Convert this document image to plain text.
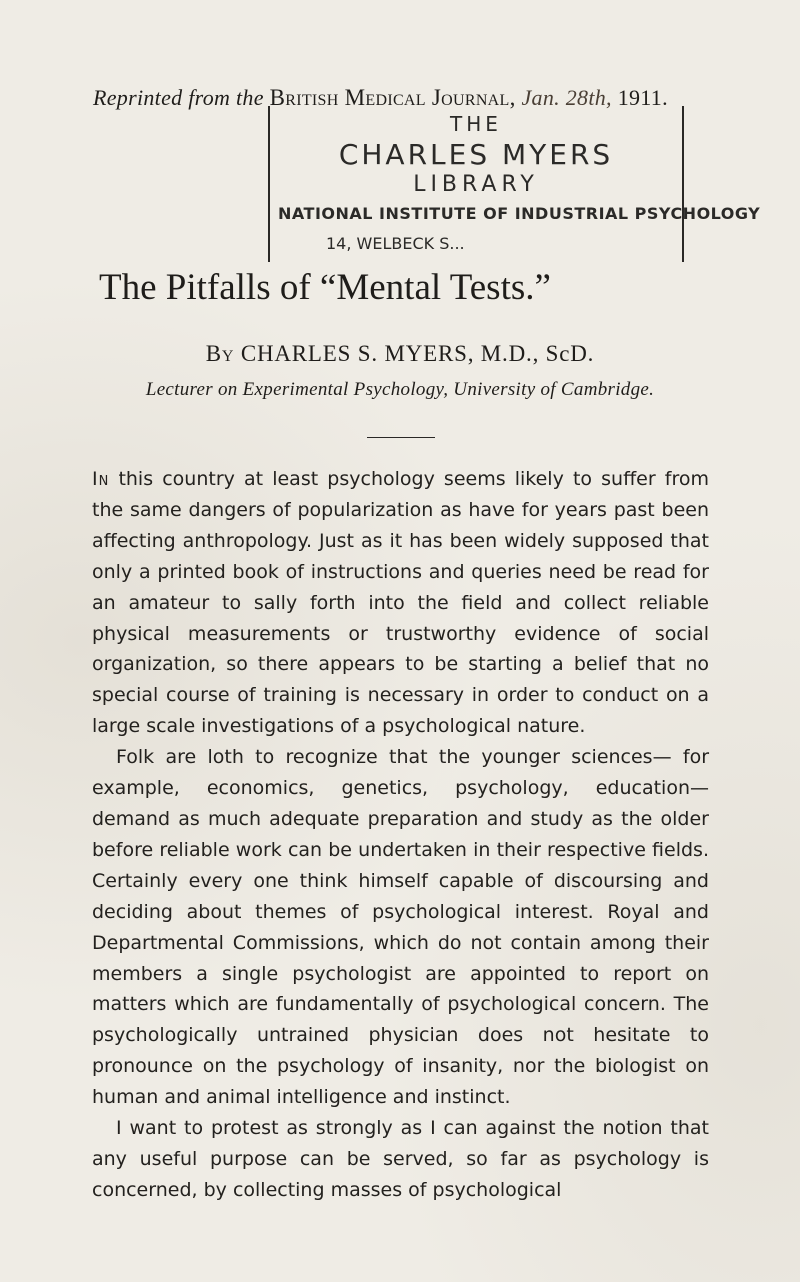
Reprinted from the British Medical Journal, Jan. 28th, 1911.
THE
CHARLES MYERS
LIBRARY
NATIONAL INSTITUTE OF INDUSTRIAL PSYCHOLOGY
14, WELBECK S...
The Pitfalls of “Mental Tests.”
By CHARLES S. MYERS, M.D., ScD.
Lecturer on Experimental Psychology, University of Cambridge.

In this country at least psychology seems likely to suffer from the same dangers of popularization as have for years past been affecting anthropology. Just as it has been widely supposed that only a printed book of instructions and queries need be read for an amateur to sally forth into the field and collect reliable physical measurements or trustworthy evidence of social organization, so there appears to be starting a belief that no special course of training is necessary in order to conduct on a large scale investigations of a psychological nature.

Folk are loth to recognize that the younger sciences— for example, economics, genetics, psychology, education— demand as much adequate preparation and study as the older before reliable work can be undertaken in their respective fields. Certainly every one think himself capable of discoursing and deciding about themes of psychological interest. Royal and Departmental Commissions, which do not contain among their members a single psychologist are appointed to report on matters which are fundamentally of psychological concern. The psychologically untrained physician does not hesitate to pronounce on the psychology of insanity, nor the biologist on human and animal intelligence and instinct.

I want to protest as strongly as I can against the notion that any useful purpose can be served, so far as psychology is concerned, by collecting masses of psychological
